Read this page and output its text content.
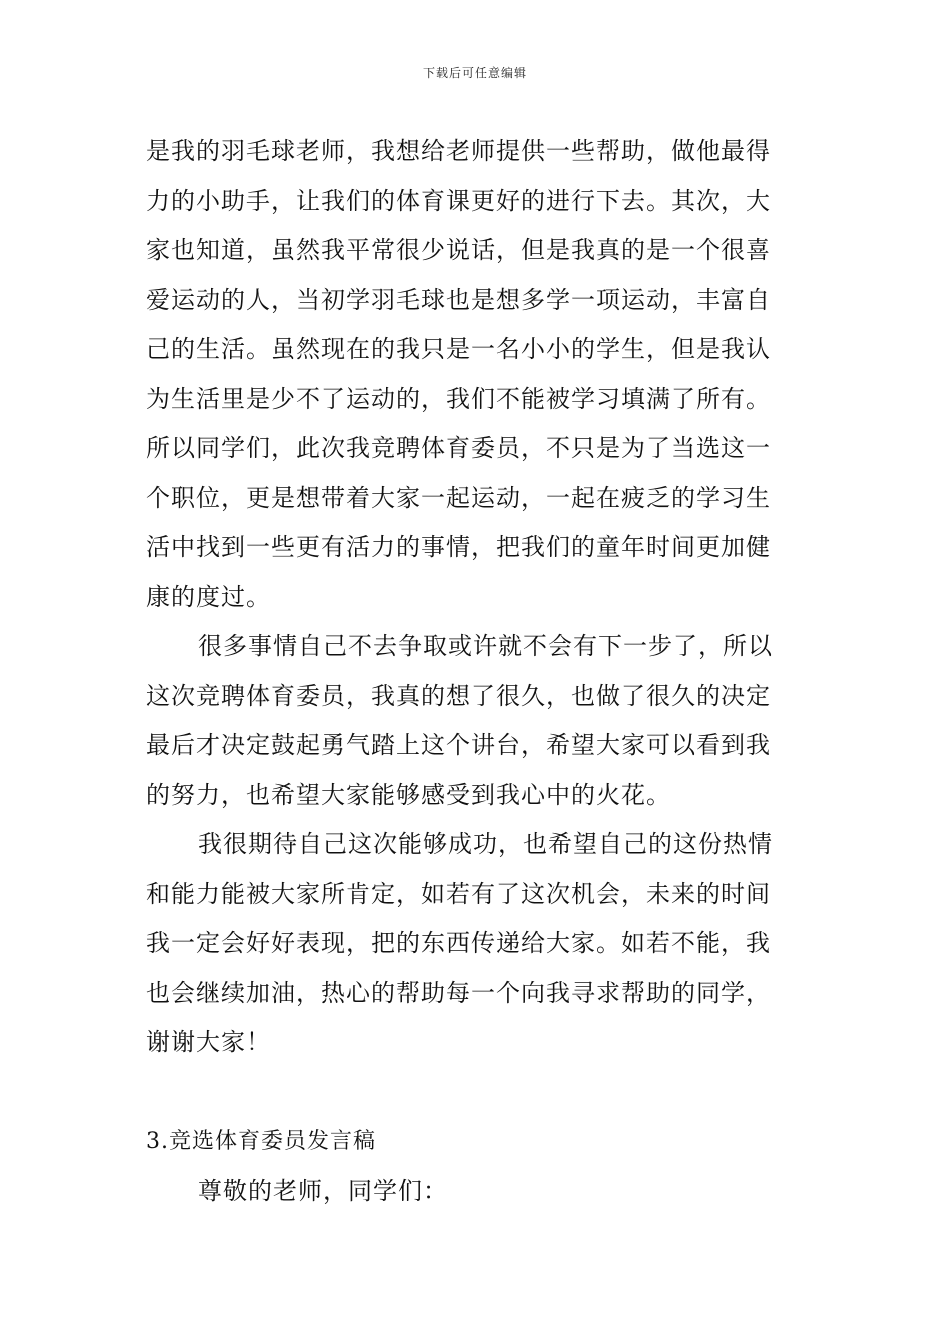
下载后可任意编辑
是我的羽毛球老师，我想给老师提供一些帮助，做他最得
力的小助手，让我们的体育课更好的进行下去。其次，大
家也知道，虽然我平常很少说话，但是我真的是一个很喜
爱运动的人，当初学羽毛球也是想多学一项运动，丰富自
己的生活。虽然现在的我只是一名小小的学生，但是我认
为生活里是少不了运动的，我们不能被学习填满了所有。
所以同学们，此次我竞聘体育委员，不只是为了当选这一
个职位，更是想带着大家一起运动，一起在疲乏的学习生
活中找到一些更有活力的事情，把我们的童年时间更加健
康的度过。
很多事情自己不去争取或许就不会有下一步了，所以
这次竞聘体育委员，我真的想了很久，也做了很久的决定
最后才决定鼓起勇气踏上这个讲台，希望大家可以看到我
的努力，也希望大家能够感受到我心中的火花。
我很期待自己这次能够成功，也希望自己的这份热情
和能力能被大家所肯定，如若有了这次机会，未来的时间
我一定会好好表现，把的东西传递给大家。如若不能，我
也会继续加油，热心的帮助每一个向我寻求帮助的同学，
谢谢大家！
3.竞选体育委员发言稿
尊敬的老师，同学们：
